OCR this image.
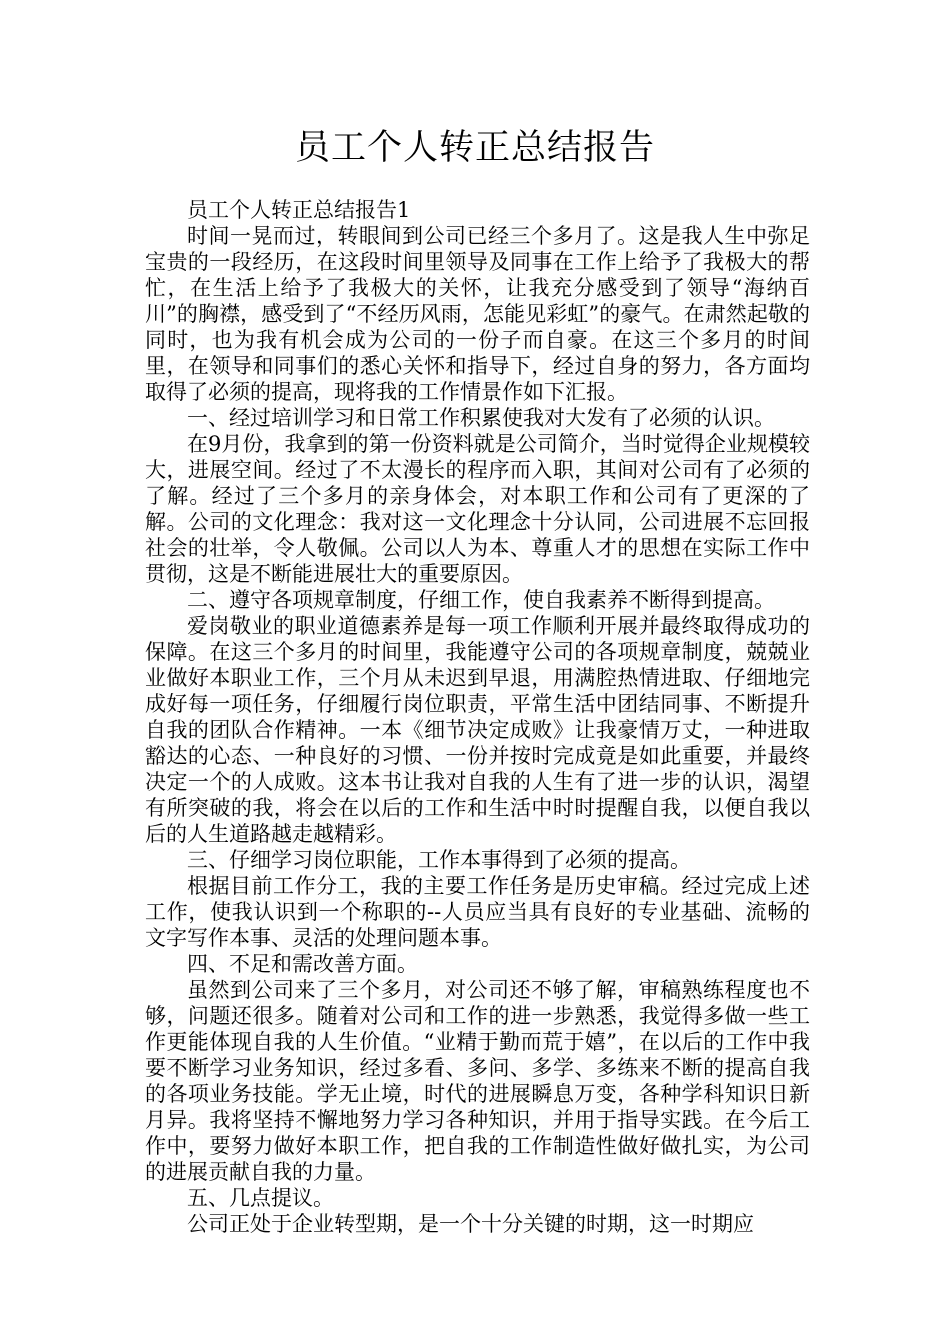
员工个人转正总结报告

员工个人转正总结报告1

时间一晃而过，转眼间到公司已经三个多月了。这是我人生中弥足宝贵的一段经历，在这段时间里领导及同事在工作上给予了我极大的帮忙，在生活上给予了我极大的关怀，让我充分感受到了领导“海纳百川”的胸襟，感受到了“不经历风雨，怎能见彩虹”的豪气。在肃然起敬的同时，也为我有机会成为公司的一份子而自豪。在这三个多月的时间里，在领导和同事们的悉心关怀和指导下，经过自身的努力，各方面均取得了必须的提高，现将我的工作情景作如下汇报。

一、经过培训学习和日常工作积累使我对大发有了必须的认识。

在9月份，我拿到的第一份资料就是公司简介，当时觉得企业规模较大，进展空间。经过了不太漫长的程序而入职，其间对公司有了必须的了解。经过了三个多月的亲身体会，对本职工作和公司有了更深的了解。公司的文化理念：我对这一文化理念十分认同，公司进展不忘回报社会的壮举，令人敬佩。公司以人为本、尊重人才的思想在实际工作中贯彻，这是不断能进展壮大的重要原因。

二、遵守各项规章制度，仔细工作，使自我素养不断得到提高。

爱岗敬业的职业道德素养是每一项工作顺利开展并最终取得成功的保障。在这三个多月的时间里，我能遵守公司的各项规章制度，兢兢业业做好本职业工作，三个月从未迟到早退，用满腔热情进取、仔细地完成好每一项任务，仔细履行岗位职责，平常生活中团结同事、不断提升自我的团队合作精神。一本《细节决定成败》让我豪情万丈，一种进取豁达的心态、一种良好的习惯、一份并按时完成竟是如此重要，并最终决定一个的人成败。这本书让我对自我的人生有了进一步的认识，渴望有所突破的我，将会在以后的工作和生活中时时提醒自我，以便自我以后的人生道路越走越精彩。

三、仔细学习岗位职能，工作本事得到了必须的提高。

根据目前工作分工，我的主要工作任务是历史审稿。经过完成上述工作，使我认识到一个称职的--人员应当具有良好的专业基础、流畅的文字写作本事、灵活的处理问题本事。

四、不足和需改善方面。

虽然到公司来了三个多月，对公司还不够了解，审稿熟练程度也不够，问题还很多。随着对公司和工作的进一步熟悉，我觉得多做一些工作更能体现自我的人生价值。“业精于勤而荒于嬉”，在以后的工作中我要不断学习业务知识，经过多看、多问、多学、多练来不断的提高自我的各项业务技能。学无止境，时代的进展瞬息万变，各种学科知识日新月异。我将坚持不懈地努力学习各种知识，并用于指导实践。在今后工作中，要努力做好本职工作，把自我的工作制造性做好做扎实，为公司的进展贡献自我的力量。

五、几点提议。

公司正处于企业转型期，是一个十分关键的时期，这一时期应
